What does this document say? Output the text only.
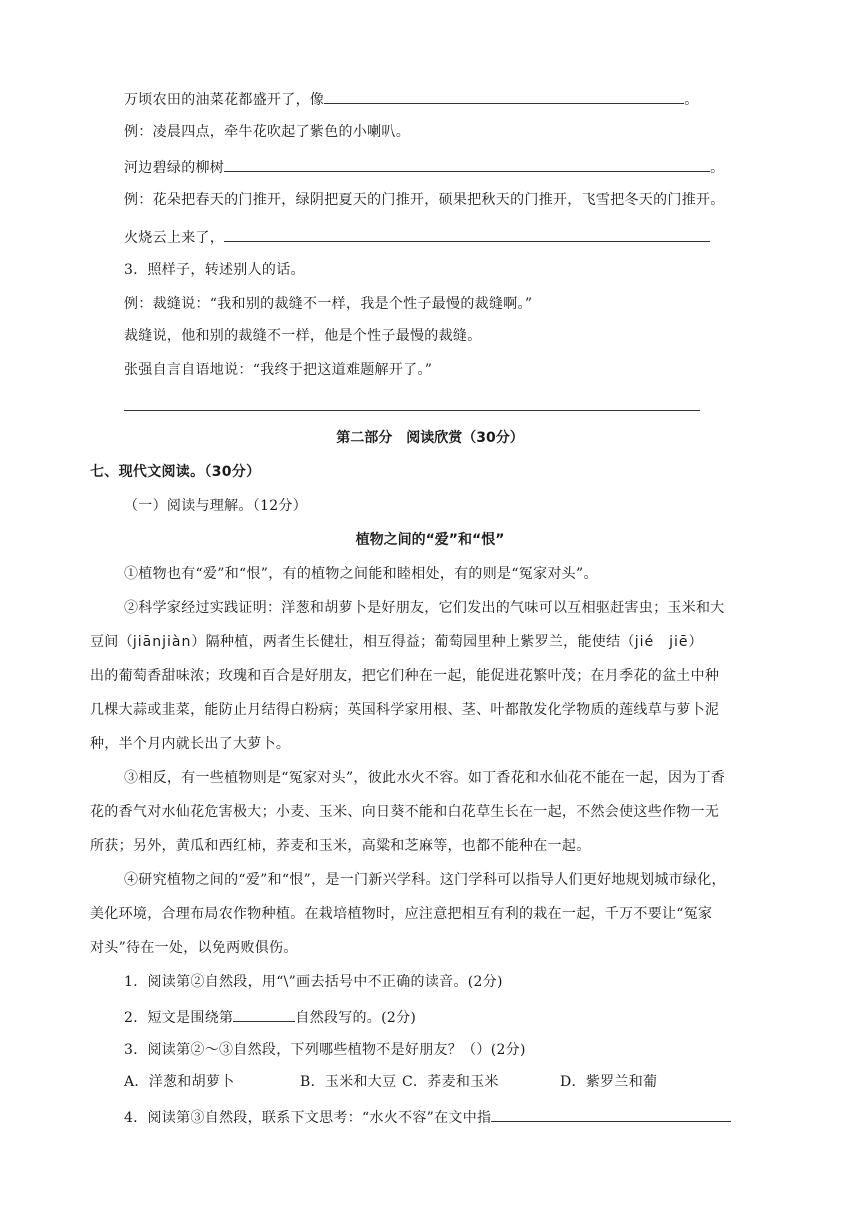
万顷农田的油菜花都盛开了，像	。
例：凌晨四点，牵牛花吹起了紫色的小喇叭。
河边碧绿的柳树	。
例：花朵把春天的门推开，绿阴把夏天的门推开，硕果把秋天的门推开，飞雪把冬天的门推开。
火烧云上来了，
3．照样子，转述别人的话。
例：裁缝说：“我和别的裁缝不一样，我是个性子最慢的裁缝啊。”
裁缝说，他和别的裁缝不一样，他是个性子最慢的裁缝。
张强自言自语地说：“我终于把这道难题解开了。”
第二部分　阅读欣赏（30分）
七、现代文阅读。（30分）
（一）阅读与理解。（12分）
植物之间的“爱”和“恨”
①植物也有“爱”和“恨”，有的植物之间能和睦相处，有的则是“冤家对头”。
②科学家经过实践证明：洋葱和胡萝卜是好朋友，它们发出的气味可以互相驱赶害虫；玉米和大
豆间（jiānjiàn）隔种植，两者生长健壮，相互得益；葡萄园里种上紫罗兰，能使结（jié　jiē）
出的葡萄香甜味浓；玫瑰和百合是好朋友，把它们种在一起，能促进花繁叶茂；在月季花的盆土中种
几棵大蒜或韭菜，能防止月结得白粉病；英国科学家用根、茎、叶都散发化学物质的莲线草与萝卜泥
种，半个月内就长出了大萝卜。
③相反，有一些植物则是“冤家对头”，彼此水火不容。如丁香花和水仙花不能在一起，因为丁香
花的香气对水仙花危害极大；小麦、玉米、向日葵不能和白花草生长在一起，不然会使这些作物一无
所获；另外，黄瓜和西红柿，荞麦和玉米，高粱和芝麻等，也都不能种在一起。
④研究植物之间的“爱”和“恨”，是一门新兴学科。这门学科可以指导人们更好地规划城市绿化，
美化环境，合理布局农作物种植。在栽培植物时，应注意把相互有利的栽在一起，千万不要让“冤家
对头”待在一处，以免两败俱伤。
1．阅读第②自然段，用“\”画去括号中不正确的读音。(2分)
2．短文是围绕第	自然段写的。(2分)
3．阅读第②～③自然段，下列哪些植物不是好朋友？（）(2分)
A．洋葱和胡萝卜	B．玉米和大豆 C．荞麦和玉米	D．紫罗兰和葡
4．阅读第③自然段，联系下文思考：“水火不容”在文中指
